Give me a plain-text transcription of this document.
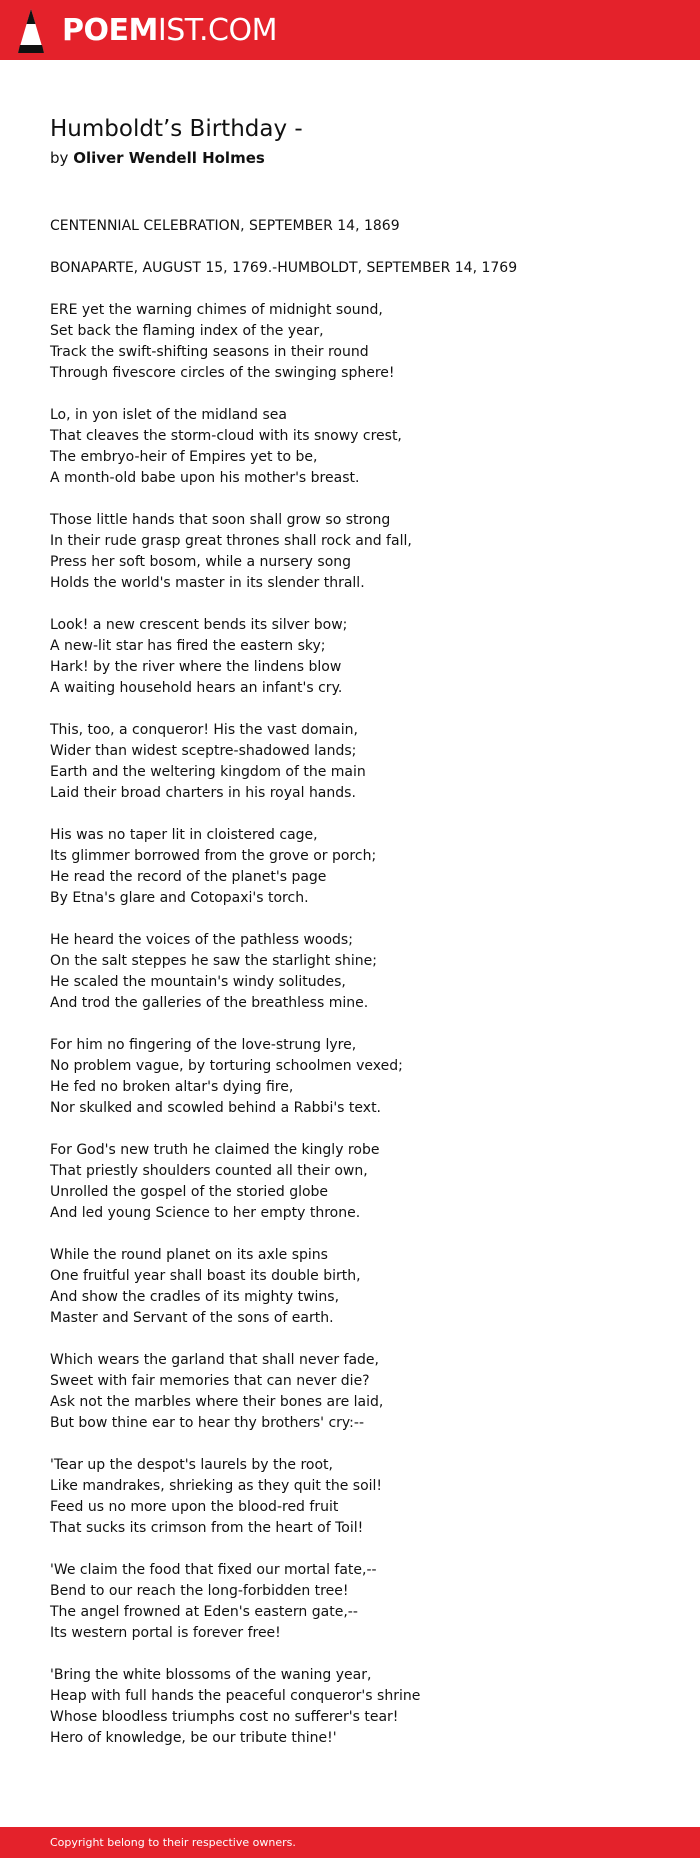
POEMIST.COM
Humboldt’s Birthday -
by Oliver Wendell Holmes

CENTENNIAL CELEBRATION, SEPTEMBER 14, 1869

BONAPARTE, AUGUST 15, 1769.-HUMBOLDT, SEPTEMBER 14, 1769

ERE yet the warning chimes of midnight sound,
Set back the flaming index of the year,
Track the swift-shifting seasons in their round
Through fivescore circles of the swinging sphere!

Lo, in yon islet of the midland sea
That cleaves the storm-cloud with its snowy crest,
The embryo-heir of Empires yet to be,
A month-old babe upon his mother's breast.

Those little hands that soon shall grow so strong
In their rude grasp great thrones shall rock and fall,
Press her soft bosom, while a nursery song
Holds the world's master in its slender thrall.

Look! a new crescent bends its silver bow;
A new-lit star has fired the eastern sky;
Hark! by the river where the lindens blow
A waiting household hears an infant's cry.

This, too, a conqueror! His the vast domain,
Wider than widest sceptre-shadowed lands;
Earth and the weltering kingdom of the main
Laid their broad charters in his royal hands.

His was no taper lit in cloistered cage,
Its glimmer borrowed from the grove or porch;
He read the record of the planet's page
By Etna's glare and Cotopaxi's torch.

He heard the voices of the pathless woods;
On the salt steppes he saw the starlight shine;
He scaled the mountain's windy solitudes,
And trod the galleries of the breathless mine.

For him no fingering of the love-strung lyre,
No problem vague, by torturing schoolmen vexed;
He fed no broken altar's dying fire,
Nor skulked and scowled behind a Rabbi's text.

For God's new truth he claimed the kingly robe
That priestly shoulders counted all their own,
Unrolled the gospel of the storied globe
And led young Science to her empty throne.

While the round planet on its axle spins
One fruitful year shall boast its double birth,
And show the cradles of its mighty twins,
Master and Servant of the sons of earth.

Which wears the garland that shall never fade,
Sweet with fair memories that can never die?
Ask not the marbles where their bones are laid,
But bow thine ear to hear thy brothers' cry:--

'Tear up the despot's laurels by the root,
Like mandrakes, shrieking as they quit the soil!
Feed us no more upon the blood-red fruit
That sucks its crimson from the heart of Toil!

'We claim the food that fixed our mortal fate,--
Bend to our reach the long-forbidden tree!
The angel frowned at Eden's eastern gate,--
Its western portal is forever free!

'Bring the white blossoms of the waning year,
Heap with full hands the peaceful conqueror's shrine
Whose bloodless triumphs cost no sufferer's tear!
Hero of knowledge, be our tribute thine!'

Copyright belong to their respective owners.
